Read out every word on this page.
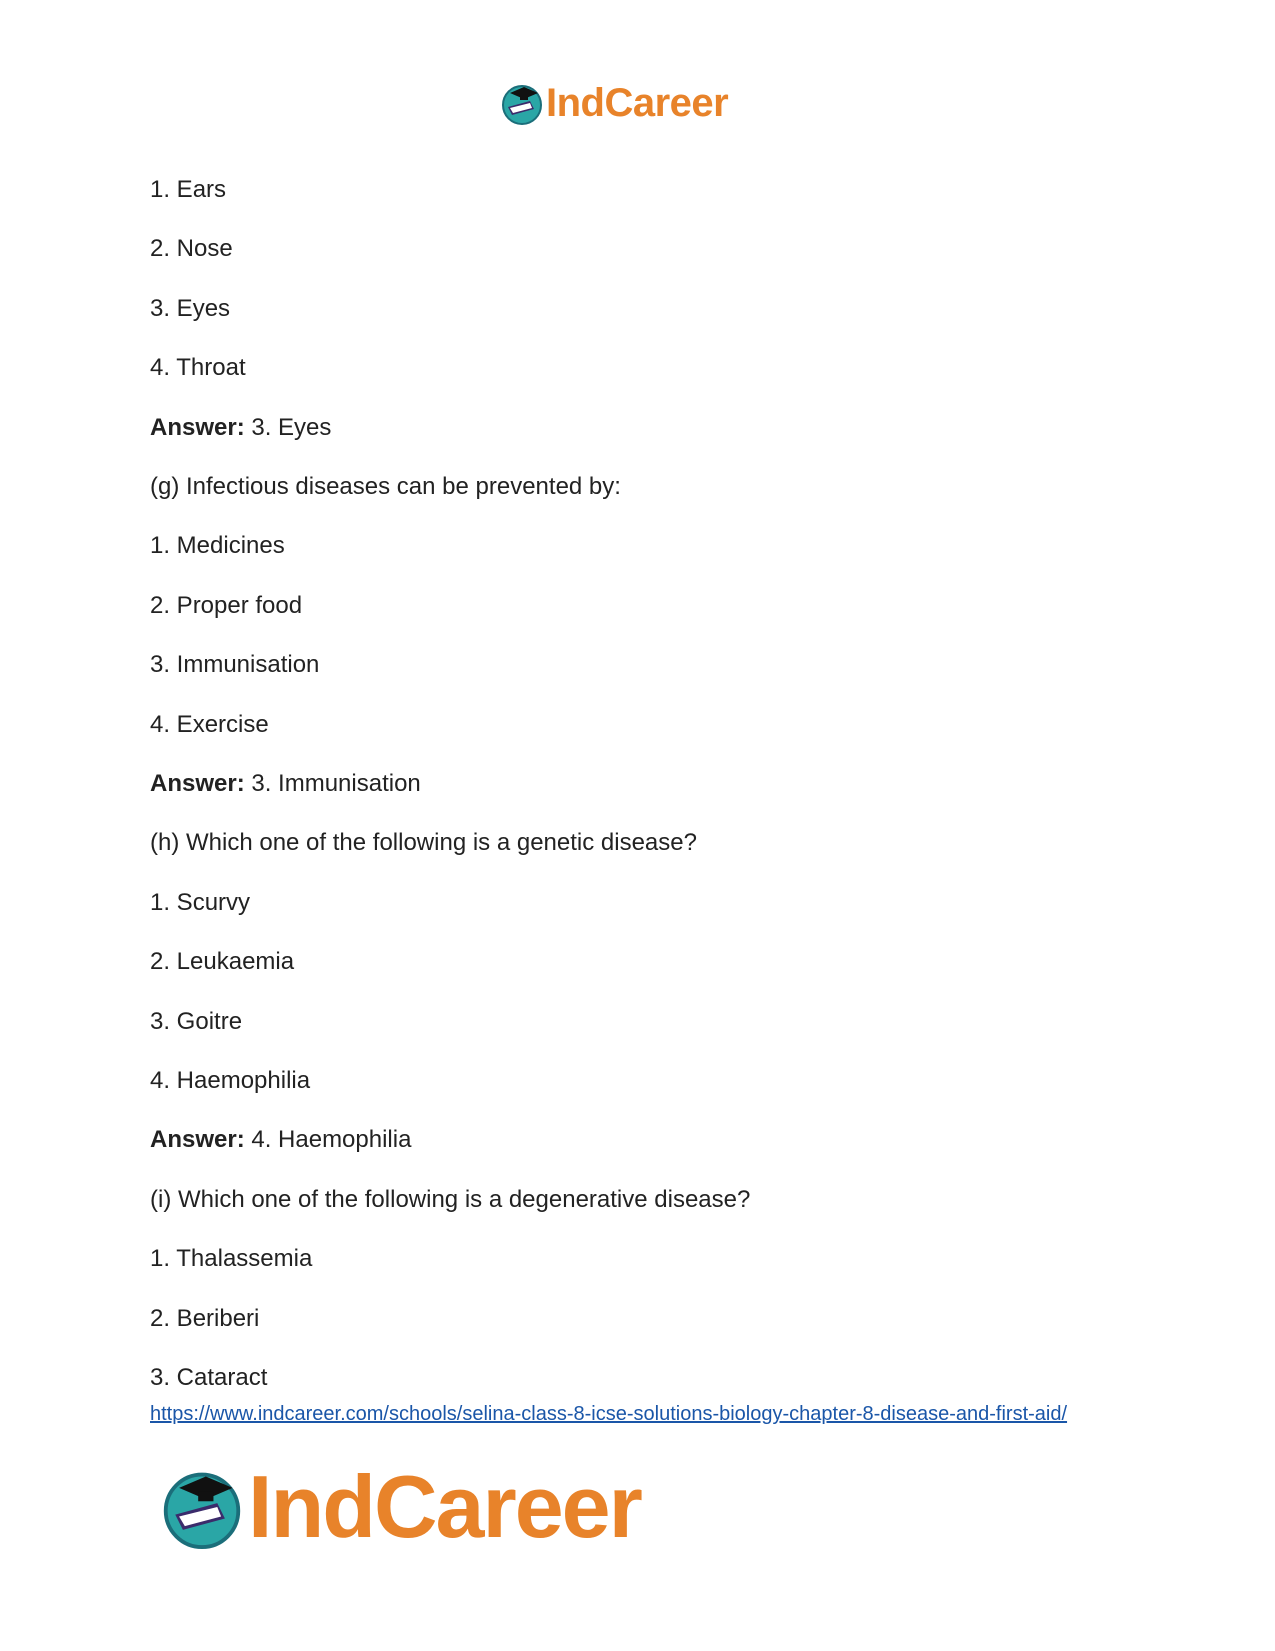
IndCareer
1. Ears
2. Nose
3. Eyes
4. Throat
Answer: 3. Eyes
(g) Infectious diseases can be prevented by:
1. Medicines
2. Proper food
3. Immunisation
4. Exercise
Answer: 3. Immunisation
(h) Which one of the following is a genetic disease?
1. Scurvy
2. Leukaemia
3. Goitre
4. Haemophilia
Answer: 4. Haemophilia
(i) Which one of the following is a degenerative disease?
1. Thalassemia
2. Beriberi
3. Cataract
https://www.indcareer.com/schools/selina-class-8-icse-solutions-biology-chapter-8-disease-and-first-aid/
IndCareer
